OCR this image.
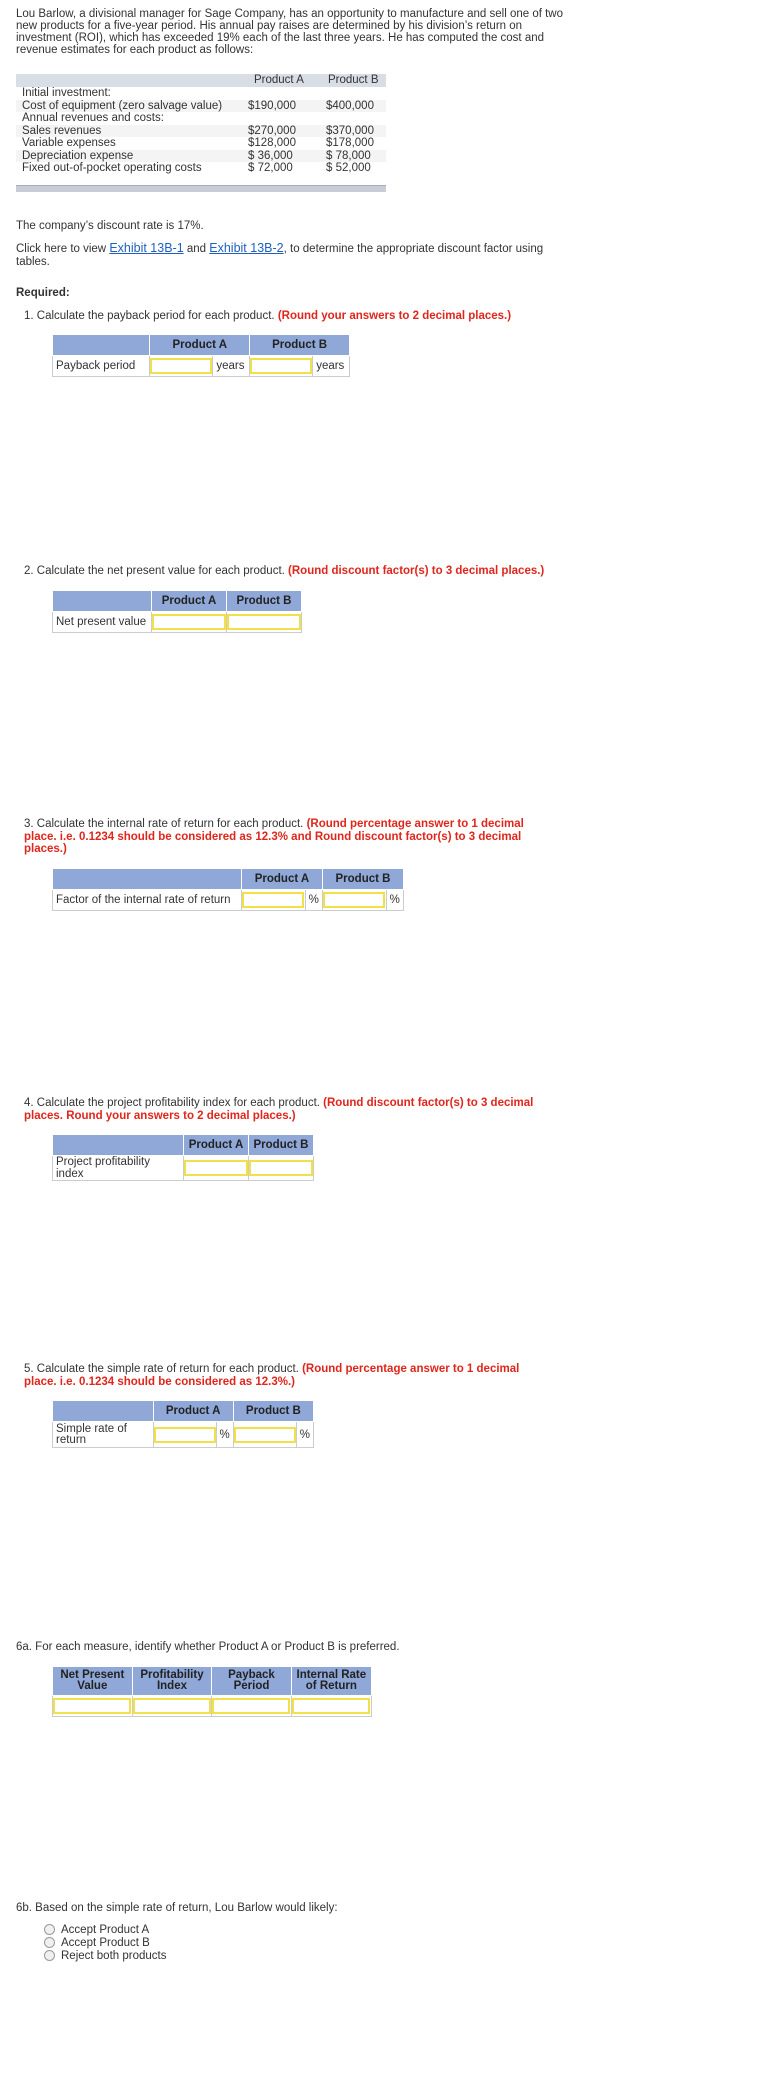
Lou Barlow, a divisional manager for Sage Company, has an opportunity to manufacture and sell one of two new products for a five-year period. His annual pay raises are determined by his division’s return on investment (ROI), which has exceeded 19% each of the last three years. He has computed the cost and revenue estimates for each product as follows:
Product A Product B
Initial investment:
Cost of equipment (zero salvage value) $190,000	$400,000
Annual revenues and costs:
Sales revenues	$270,000	$370,000
Variable expenses	$128,000	$178,000
Depreciation expense	$ 36,000	$ 78,000
Fixed out-of-pocket operating costs	$ 72,000	$ 52,000
The company’s discount rate is 17%.
Click here to view Exhibit 13B-1 and Exhibit 13B-2, to determine the appropriate discount factor using tables.
Required:
1. Calculate the payback period for each product. (Round your answers to 2 decimal places.)
	Product A		Product B	
Payback period		years		years
2. Calculate the net present value for each product. (Round discount factor(s) to 3 decimal places.)
	Product A	Product B
Net present value		
3. Calculate the internal rate of return for each product. (Round percentage answer to 1 decimal place. i.e. 0.1234 should be considered as 12.3% and Round discount factor(s) to 3 decimal places.)
	Product A		Product B	
Factor of the internal rate of return		%		%
4. Calculate the project profitability index for each product. (Round discount factor(s) to 3 decimal places. Round your answers to 2 decimal places.)
	Product A	Product B
Project profitability index		
5. Calculate the simple rate of return for each product. (Round percentage answer to 1 decimal place. i.e. 0.1234 should be considered as 12.3%.)
	Product A		Product B	
Simple rate of return		%		%
6a. For each measure, identify whether Product A or Product B is preferred.
Net Present Value	Profitability Index	Payback Period	Internal Rate of Return

6b. Based on the simple rate of return, Lou Barlow would likely:
Accept Product A
Accept Product B
Reject both products
